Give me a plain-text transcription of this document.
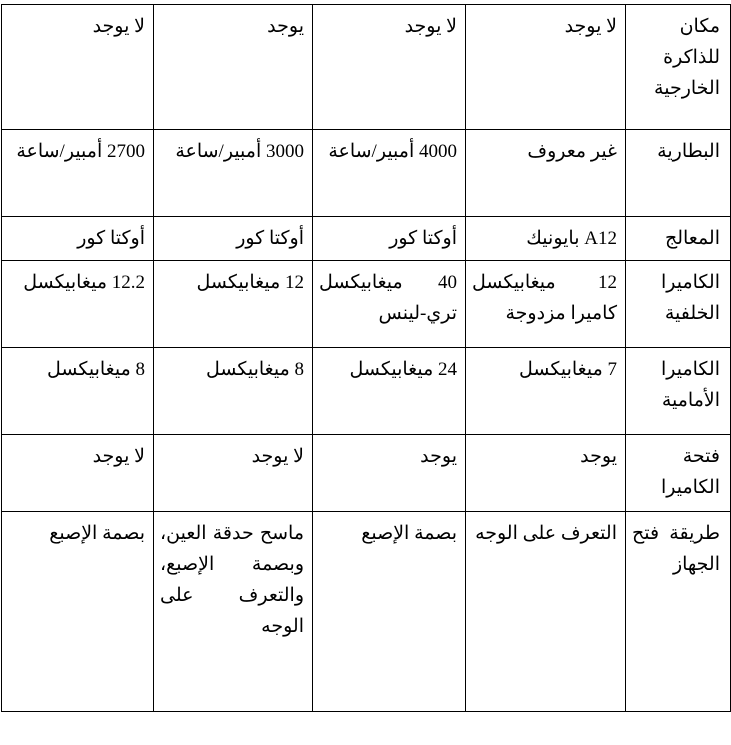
مكان للذاكرة الخارجية	لا يوجد	لا يوجد	يوجد	لا يوجد
البطارية	غير معروف	4000 أمبير/ساعة	3000 أمبير/ساعة	2700 أمبير/ساعة
المعالج	A12 بايونيك	أوكتا كور	أوكتا كور	أوكتا كور
الكاميرا الخلفية	12 ميغابيكسل كاميرا مزدوجة	40 ميغابيكسل تري-لينس	12 ميغابيكسل	12.2 ميغابيكسل
الكاميرا الأمامية	7 ميغابيكسل	24 ميغابيكسل	8 ميغابيكسل	8 ميغابيكسل
فتحة الكاميرا	يوجد	يوجد	لا يوجد	لا يوجد
طريقة فتح الجهاز	التعرف على الوجه	بصمة الإصبع	ماسح حدقة العين، وبصمة الإصبع، والتعرف على الوجه	بصمة الإصبع
